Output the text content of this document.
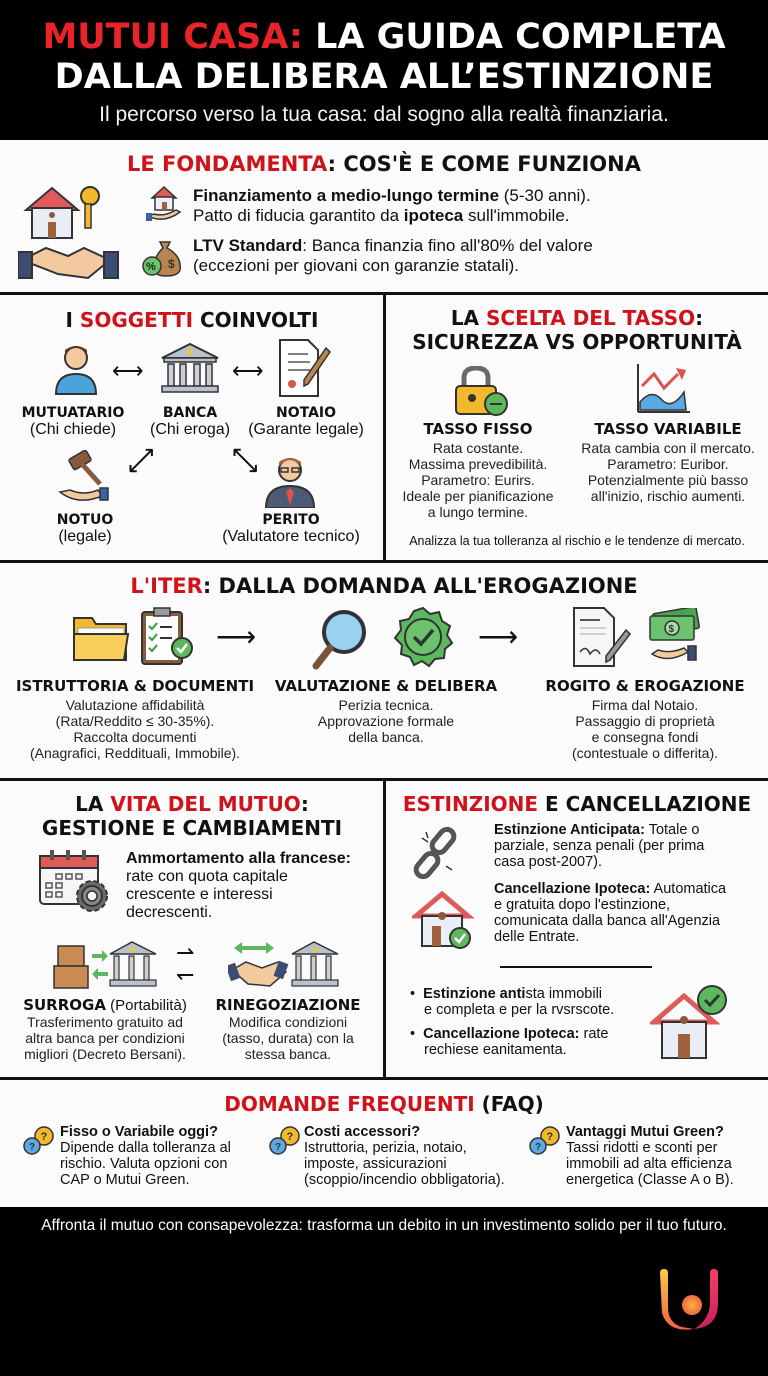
MUTUI CASA: LA GUIDA COMPLETA
DALLA DELIBERA ALL’ESTINZIONE
Il percorso verso la tua casa: dal sogno alla realtà finanziaria.
LE FONDAMENTA: COS'È E COME FUNZIONA
Finanziamento a medio-lungo termine (5-30 anni).
Patto di fiducia garantito da ipoteca sull'immobile.
$
%
LTV Standard: Banca finanzia fino all'80% del valore
(eccezioni per giovani con garanzie statali).
I SOGGETTI COINVOLTI
⟷	⟷
MUTUATARIO
(Chi chiede)
BANCA
(Chi eroga)
NOTAIO
(Garante legale)
⟷	⟷
NOTUO
(legale)
PERITO
(Valutatore tecnico)
LA SCELTA DEL TASSO:
SICUREZZA VS OPPORTUNITÀ
TASSO FISSO
Rata costante.
Massima prevedibilità.
Parametro: Eurirs.
Ideale per pianificazione
a lungo termine.
TASSO VARIABILE
Rata cambia con il mercato.
Parametro: Euribor.
Potenzialmente più basso
all'inizio, rischio aumenti.
Analizza la tua tolleranza al rischio e le tendenze di mercato.
L'ITER: DALLA DOMANDA ALL'EROGAZIONE
⟶	⟶	$
ISTRUTTORIA & DOCUMENTI
Valutazione affidabilità
(Rata/Reddito ≤ 30-35%).
Raccolta documenti
(Anagrafici, Reddituali, Immobile).
VALUTAZIONE & DELIBERA
Perizia tecnica.
Approvazione formale
della banca.
ROGITO & EROGAZIONE
Firma dal Notaio.
Passaggio di proprietà
e consegna fondi
(contestuale o differita).
LA VITA DEL MUTUO:
GESTIONE E CAMBIAMENTI
Ammortamento alla francese:
rate con quota capitale
crescente e interessi
decrescenti.
⇀
↽
SURROGA (Portabilità)
Trasferimento gratuito ad
altra banca per condizioni
migliori (Decreto Bersani).
RINEGOZIAZIONE
Modifica condizioni
(tasso, durata) con la
stessa banca.
ESTINZIONE E CANCELLAZIONE
Estinzione Anticipata: Totale o
parziale, senza penali (per prima
casa post-2007).
Cancellazione Ipoteca: Automatica
e gratuita dopo l'estinzione,
comunicata dalla banca all'Agenzia
delle Entrate.
•  Estinzione antista immobili
e completa e per la rvsrscote.
•  Cancellazione Ipoteca: rate
rechiese eanitamenta.
DOMANDE FREQUENTI (FAQ)
?
?
Fisso o Variabile oggi?
Dipende dalla tolleranza al
rischio. Valuta opzioni con
CAP o Mutui Green.
?
?
Costi accessori?
Istruttoria, perizia, notaio,
imposte, assicurazioni
(scoppio/incendio obbligatoria).
?
?
Vantaggi Mutui Green?
Tassi ridotti e sconti per
immobili ad alta efficienza
energetica (Classe A o B).
Affronta il mutuo con consapevolezza: trasforma un debito in un investimento solido per il tuo futuro.
